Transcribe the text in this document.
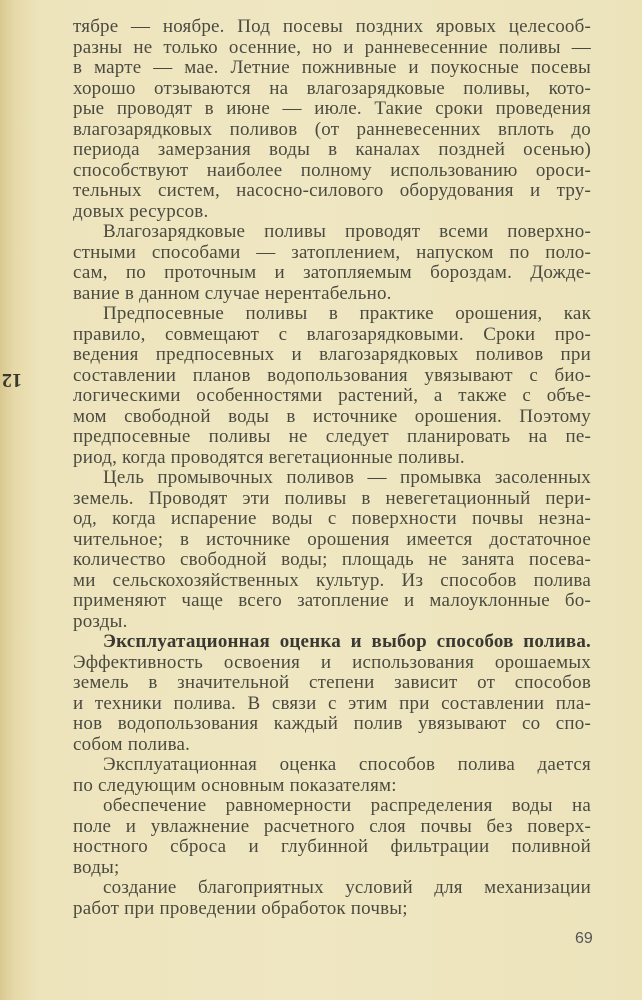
12
тябре — ноябре. Под посевы поздних яровых целесооб-
разны не только осенние, но и ранневесенние поливы —
в марте — мае. Летние пожнивные и поукосные посевы
хорошо отзываются на влагозарядковые поливы, кото-
рые проводят в июне — июле. Такие сроки проведения
влагозарядковых поливов (от ранневесенних вплоть до
периода замерзания воды в каналах поздней осенью)
способствуют наиболее полному использованию ороси-
тельных систем, насосно-силового оборудования и тру-
довых ресурсов.
Влагозарядковые поливы проводят всеми поверхно-
стными способами — затоплением, напуском по поло-
сам, по проточным и затопляемым бороздам. Дожде-
вание в данном случае нерентабельно.
Предпосевные поливы в практике орошения, как
правило, совмещают с влагозарядковыми. Сроки про-
ведения предпосевных и влагозарядковых поливов при
составлении планов водопользования увязывают с био-
логическими особенностями растений, а также с объе-
мом свободной воды в источнике орошения. Поэтому
предпосевные поливы не следует планировать на пе-
риод, когда проводятся вегетационные поливы.
Цель промывочных поливов — промывка засоленных
земель. Проводят эти поливы в невегетационный пери-
од, когда испарение воды с поверхности почвы незна-
чительное; в источнике орошения имеется достаточное
количество свободной воды; площадь не занята посева-
ми сельскохозяйственных культур. Из способов полива
применяют чаще всего затопление и малоуклонные бо-
розды.
Эксплуатационная оценка и выбор способов полива.
Эффективность освоения и использования орошаемых
земель в значительной степени зависит от способов
и техники полива. В связи с этим при составлении пла-
нов водопользования каждый полив увязывают со спо-
собом полива.
Эксплуатационная оценка способов полива дается
по следующим основным показателям:
обеспечение равномерности распределения воды на
поле и увлажнение расчетного слоя почвы без поверх-
ностного сброса и глубинной фильтрации поливной
воды;
создание благоприятных условий для механизации
работ при проведении обработок почвы;
69
